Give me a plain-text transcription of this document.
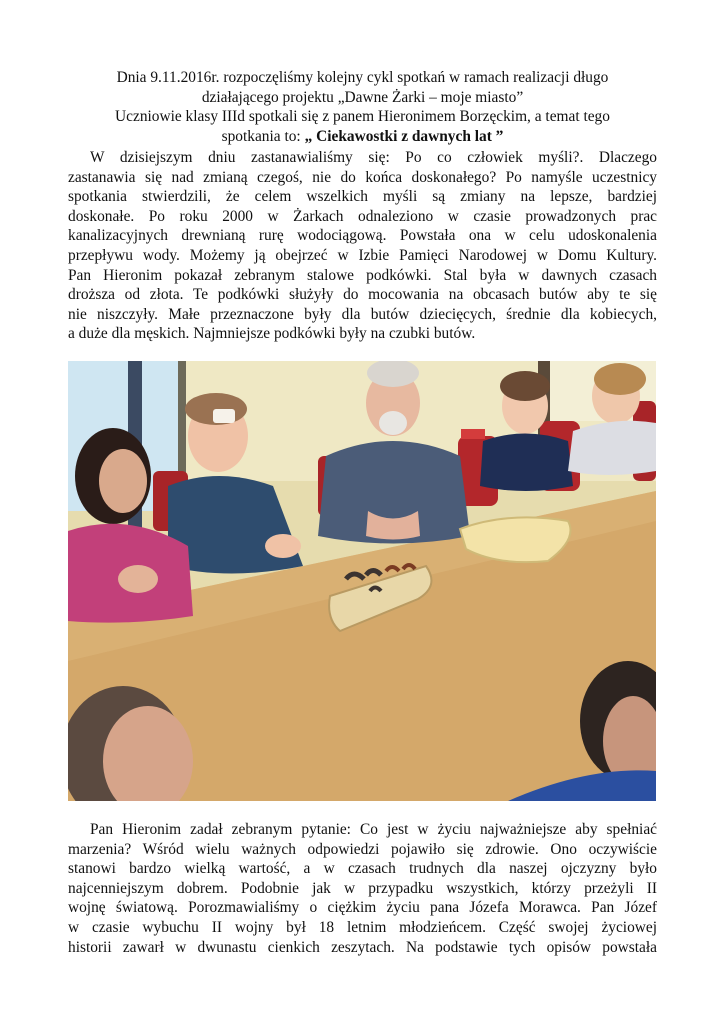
Dnia 9.11.2016r. rozpoczęliśmy kolejny cykl spotkań w ramach realizacji długo
działającego projektu „Dawne Żarki – moje miasto”
Uczniowie klasy IIId spotkali się z panem Hieronimem Borzęckim, a temat tego
spotkania to: „ Ciekawostki z dawnych lat ”
W dzisiejszym dniu zastanawialiśmy się: Po co człowiek myśli?. Dlaczego
zastanawia się nad zmianą czegoś, nie do końca doskonałego? Po namyśle uczestnicy
spotkania stwierdzili, że celem wszelkich myśli są zmiany na lepsze, bardziej
doskonałe. Po roku 2000 w Żarkach odnaleziono w czasie prowadzonych prac
kanalizacyjnych drewnianą rurę wodociągową. Powstała ona w celu udoskonalenia
przepływu wody. Możemy ją obejrzeć w Izbie Pamięci Narodowej w Domu Kultury.
Pan Hieronim pokazał zebranym stalowe podkówki. Stal była w dawnych czasach
droższa od złota. Te podkówki służyły do mocowania na obcasach butów aby te się
nie niszczyły. Małe przeznaczone były dla butów dziecięcych, średnie dla kobiecych,
a duże dla męskich. Najmniejsze podkówki były na czubki butów.
Pan Hieronim zadał zebranym pytanie: Co jest w życiu najważniejsze aby spełniać
marzenia? Wśród wielu ważnych odpowiedzi pojawiło się zdrowie. Ono oczywiście
stanowi bardzo wielką wartość, a w czasach trudnych dla naszej ojczyzny było
najcenniejszym dobrem. Podobnie jak w przypadku wszystkich, którzy przeżyli II
wojnę światową. Porozmawialiśmy o ciężkim życiu pana Józefa Morawca. Pan Józef
w czasie wybuchu II wojny był 18 letnim młodzieńcem. Część swojej życiowej
historii zawarł w dwunastu cienkich zeszytach. Na podstawie tych opisów powstała
